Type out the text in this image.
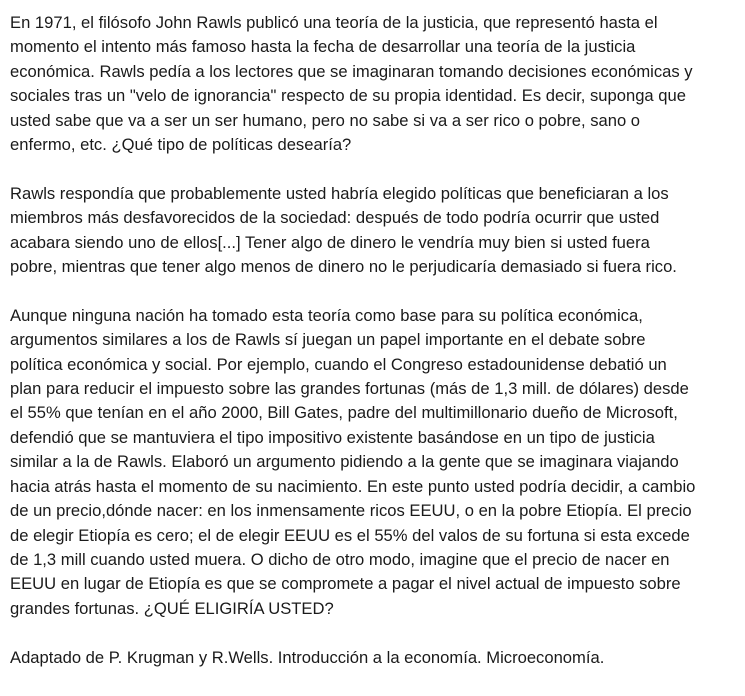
En 1971, el filósofo John Rawls publicó una teoría de la justicia, que representó hasta el
momento el intento más famoso hasta la fecha de desarrollar una teoría de la justicia
económica. Rawls pedía a los lectores que se imaginaran tomando decisiones económicas y
sociales tras un "velo de ignorancia" respecto de su propia identidad. Es decir, suponga que
usted sabe que va a ser un ser humano, pero no sabe si va a ser rico o pobre, sano o
enfermo, etc. ¿Qué tipo de políticas desearía?

Rawls respondía que probablemente usted habría elegido políticas que beneficiaran a los
miembros más desfavorecidos de la sociedad: después de todo podría ocurrir que usted
acabara siendo uno de ellos[...] Tener algo de dinero le vendría muy bien si usted fuera
pobre, mientras que tener algo menos de dinero no le perjudicaría demasiado si fuera rico.

Aunque ninguna nación ha tomado esta teoría como base para su política económica,
argumentos similares a los de Rawls sí juegan un papel importante en el debate sobre
política económica y social. Por ejemplo, cuando el Congreso estadounidense debatió un
plan para reducir el impuesto sobre las grandes fortunas (más de 1,3 mill. de dólares) desde
el 55% que tenían en el año 2000, Bill Gates, padre del multimillonario dueño de Microsoft,
defendió que se mantuviera el tipo impositivo existente basándose en un tipo de justicia
similar a la de Rawls. Elaboró un argumento pidiendo a la gente que se imaginara viajando
hacia atrás hasta el momento de su nacimiento. En este punto usted podría decidir, a cambio
de un precio,dónde nacer: en los inmensamente ricos EEUU, o en la pobre Etiopía. El precio
de elegir Etiopía es cero; el de elegir EEUU es el 55% del valos de su fortuna si esta excede
de 1,3 mill cuando usted muera. O dicho de otro modo, imagine que el precio de nacer en
EEUU en lugar de Etiopía es que se compromete a pagar el nivel actual de impuesto sobre
grandes fortunas. ¿QUÉ ELIGIRÍA USTED?

Adaptado de P. Krugman y R.Wells. Introducción a la economía. Microeconomía.
